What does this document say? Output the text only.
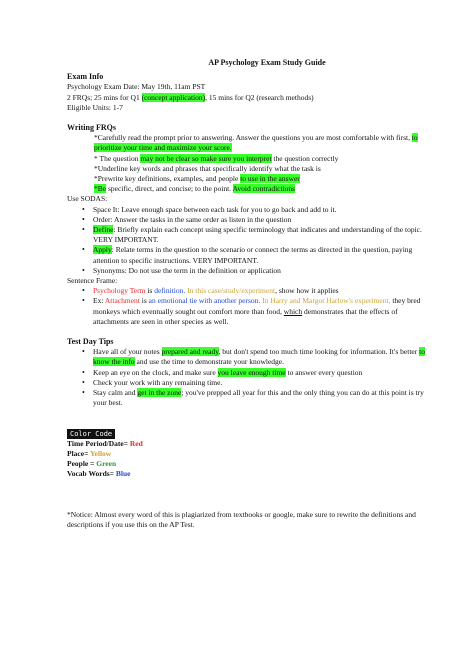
AP Psychology Exam Study Guide
Exam Info
Psychology Exam Date: May 19th, 11am PST
2 FRQs; 25 mins for Q1 (concept application), 15 mins for Q2 (research methods)
Eligible Units: 1-7
Writing FRQs
*Carefully read the prompt prior to answering. Answer the questions you are most comfortable with first, to prioritize your time and maximize your score.
* The question may not be clear so make sure you interpret the question correctly
*Underline key words and phrases that specifically identify what the task is
*Prewrite key definitions, examples, and people to use in the answer
*Be specific, direct, and concise; to the point. Avoid contradictions
Use SODAS:
• Space It: Leave enough space between each task for you to go back and add to it.
• Order: Answer the tasks in the same order as listen in the question
• Define: Briefly explain each concept using specific terminology that indicates and understanding of the topic. VERY IMPORTANT.
• Apply: Relate terms in the question to the scenario or connect the terms as directed in the question, paying attention to specific instructions. VERY IMPORTANT.
• Synonyms: Do not use the term in the definition or application
Sentence Frame:
• Psychology Term is definition. In this case/study/experiment, show how it applies
• Ex: Attachment is an emotional tie with another person. In Harry and Margot Harlow's experiment, they bred monkeys which eventually sought out comfort more than food, which demonstrates that the effects of attachments are seen in other species as well.
Test Day Tips
• Have all of your notes prepared and ready, but don't spend too much time looking for information. It's better to know the info and use the time to demonstrate your knowledge.
• Keep an eye on the clock, and make sure you leave enough time to answer every question
• Check your work with any remaining time.
• Stay calm and get in the zone; you've prepped all year for this and the only thing you can do at this point is try your best.
Color Code
Time Period/Date= Red
Place= Yellow
People = Green
Vocab Words= Blue
*Notice: Almost every word of this is plagiarized from textbooks or google, make sure to rewrite the definitions and descriptions if you use this on the AP Test.
